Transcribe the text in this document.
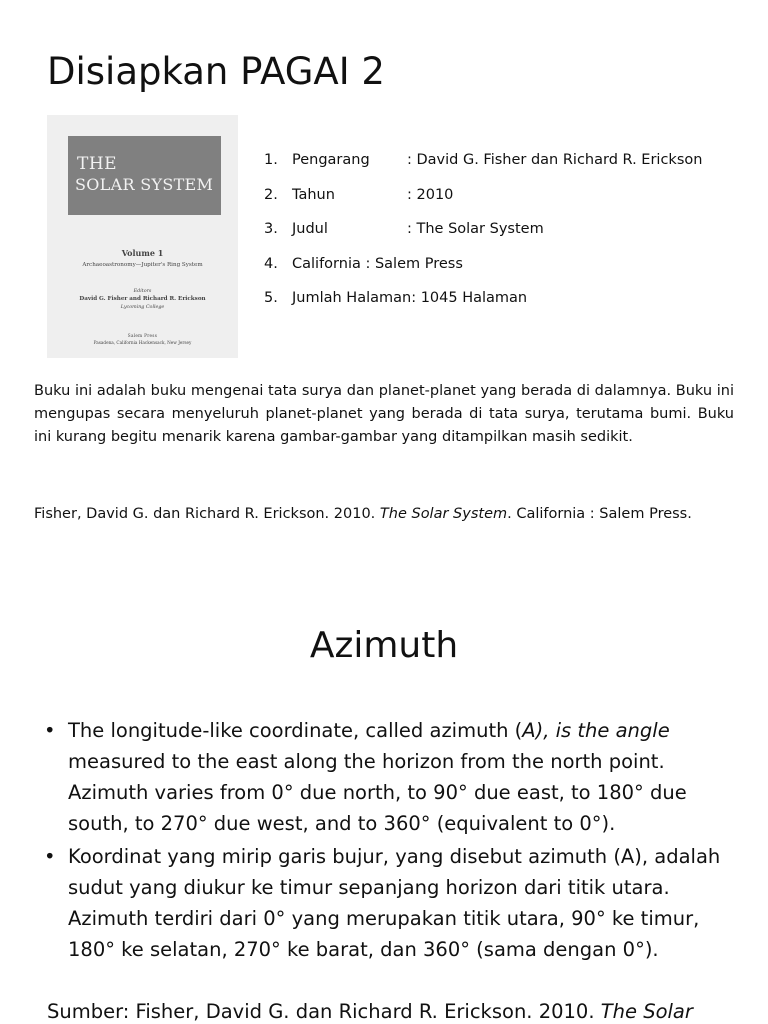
Disiapkan PAGAI 2
THE
SOLAR SYSTEM
Volume 1
Archaeoastronomy—Jupiter's Ring System
Editors
David G. Fisher and Richard R. Erickson
Lycoming College
Salem Press
Pasadena, California Hackensack, New Jersey
1. Pengarang	: David G. Fisher dan Richard R. Erickson
2. Tahun	: 2010
3. Judul	: The Solar System
4. California : Salem Press
5. Jumlah Halaman: 1045 Halaman

Buku ini adalah buku mengenai tata surya dan planet-planet yang berada di dalamnya. Buku ini mengupas secara menyeluruh planet-planet yang berada di tata surya, terutama bumi. Buku ini kurang begitu menarik karena gambar-gambar yang ditampilkan masih sedikit.

Fisher, David G. dan Richard R. Erickson. 2010. The Solar System. California : Salem Press.

Azimuth
• The longitude-like coordinate, called azimuth (A), is the angle measured to the east along the horizon from the north point. Azimuth varies from 0° due north, to 90° due east, to 180° due south, to 270° due west, and to 360° (equivalent to 0°).
• Koordinat yang mirip garis bujur, yang disebut azimuth (A), adalah sudut yang diukur ke timur sepanjang horizon dari titik utara. Azimuth terdiri dari 0° yang merupakan titik utara, 90° ke timur, 180° ke selatan, 270° ke barat, dan 360° (sama dengan 0°).

Sumber: Fisher, David G. dan Richard R. Erickson. 2010. The Solar
